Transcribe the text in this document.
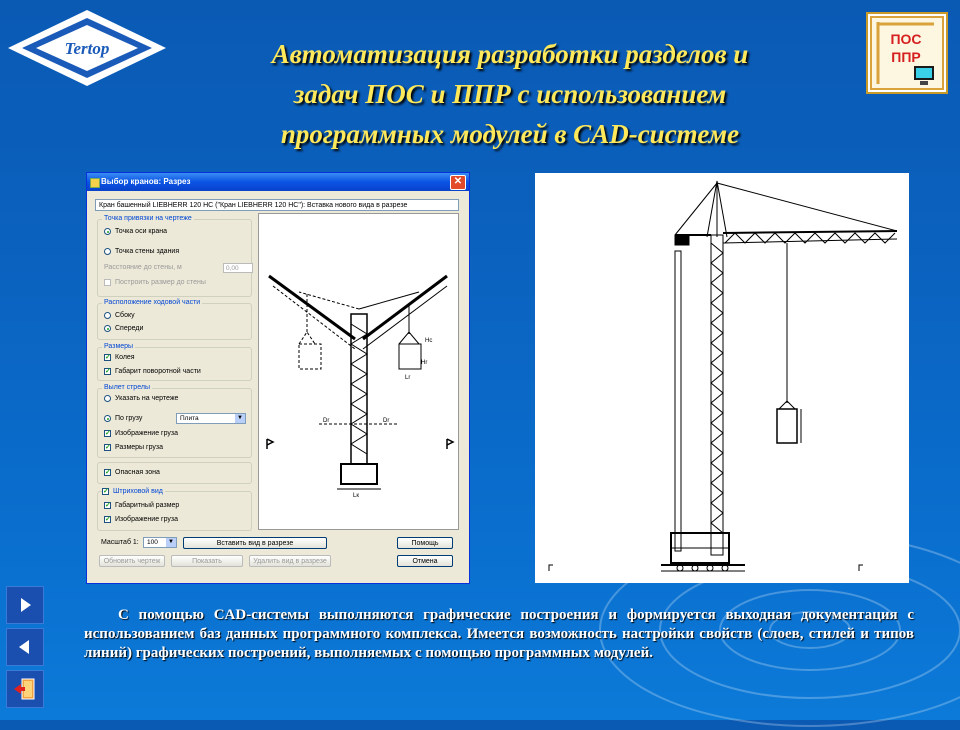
Tertop	ПОС
ППР
Автоматизация разработки разделов и
задач ПОС и ППР с использованием
программных модулей в CAD-системе
Выбор кранов: Разрез	✕
Кран башенный LIEBHERR 120 HC ("Кран LIEBHERR 120 HC"): Вставка нового вида в разрезе
Точка привязки на чертеже
Точка оси крана
Точка стены здания
Расстояние до стены, м	0,00
Построить размер до стены
Расположение ходовой части
Сбоку
Спереди
Размеры
✓ Колея
✓ Габарит поворотной части
Вылет стрелы
Указать на чертеже
По грузу	Плита	▼
✓ Изображение груза
✓ Размеры груза
✓ Опасная зона
✓ Штриховой вид
✓ Габаритный размер
✓ Изображение груза
Hc
Hr
Lr
Dr	Dr
Lк
Масштаб 1:	100	▼	Вставить вид в разрезе
Обновить чертеж	Показать	Удалить вид в разрезе
Помощь
Отмена
С помощью CAD-системы выполняются графические построения и формируется выходная документация с использованием баз данных программного комплекса. Имеется возможность настройки свойств (слоев, стилей и типов линий) графических построений, выполняемых с помощью программных модулей.
